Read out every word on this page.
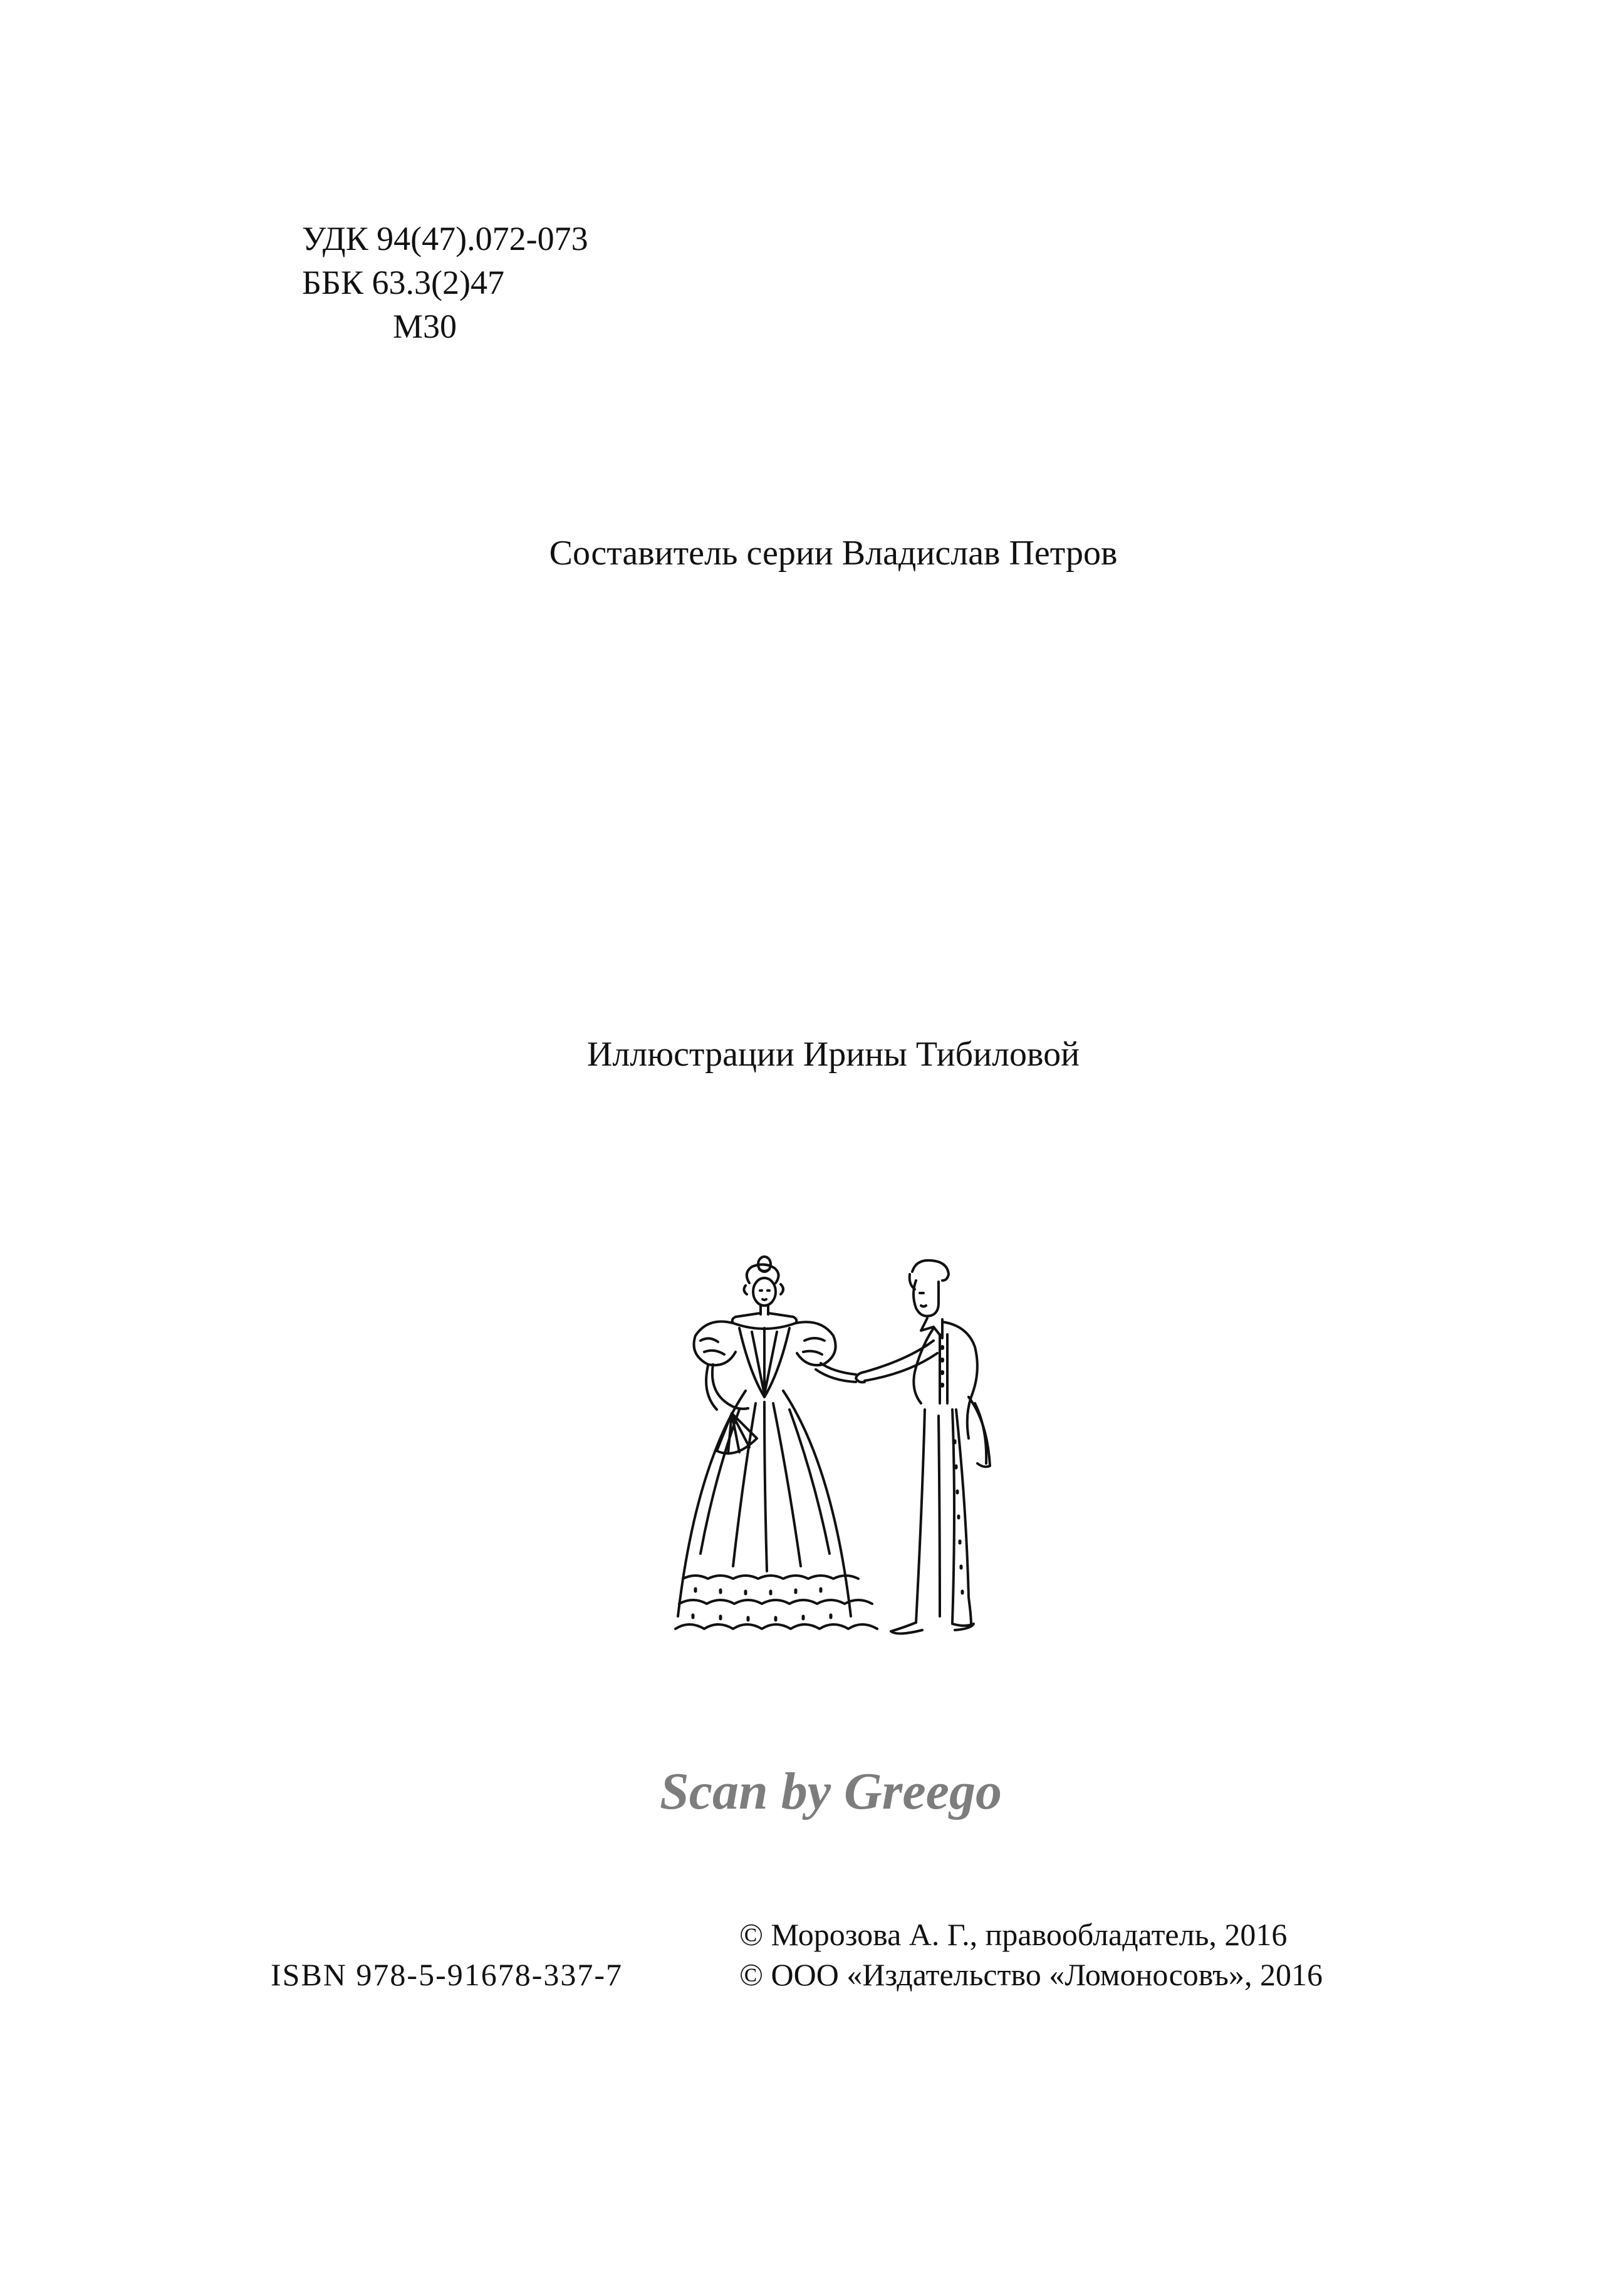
УДК 94(47).072-073
ББК 63.3(2)47
М30
Составитель серии Владислав Петров
Иллюстрации Ирины Тибиловой
Scan by Greego
ISBN 978-5-91678-337-7
© Морозова А. Г., правообладатель, 2016
© ООО «Издательство «Ломоносовъ», 2016
